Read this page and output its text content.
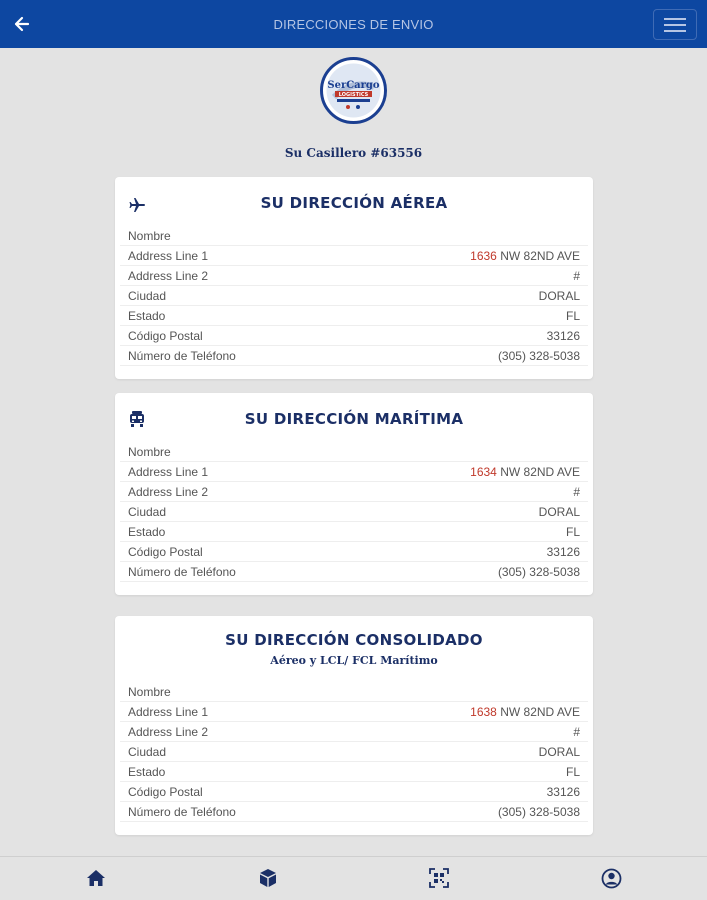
DIRECCIONES DE ENVIO
SerCargo
LOGISTICS
Su Casillero #63556
SU DIRECCIÓN AÉREA
Nombre
Address Line 1	1636 NW 82ND AVE
Address Line 2	#
Ciudad	DORAL
Estado	FL
Código Postal	33126
Número de Teléfono	(305) 328-5038
SU DIRECCIÓN MARÍTIMA
Nombre
Address Line 1	1634 NW 82ND AVE
Address Line 2	#
Ciudad	DORAL
Estado	FL
Código Postal	33126
Número de Teléfono	(305) 328-5038
SU DIRECCIÓN CONSOLIDADO
Aéreo y LCL/ FCL Marítimo
Nombre
Address Line 1	1638 NW 82ND AVE
Address Line 2	#
Ciudad	DORAL
Estado	FL
Código Postal	33126
Número de Teléfono	(305) 328-5038
